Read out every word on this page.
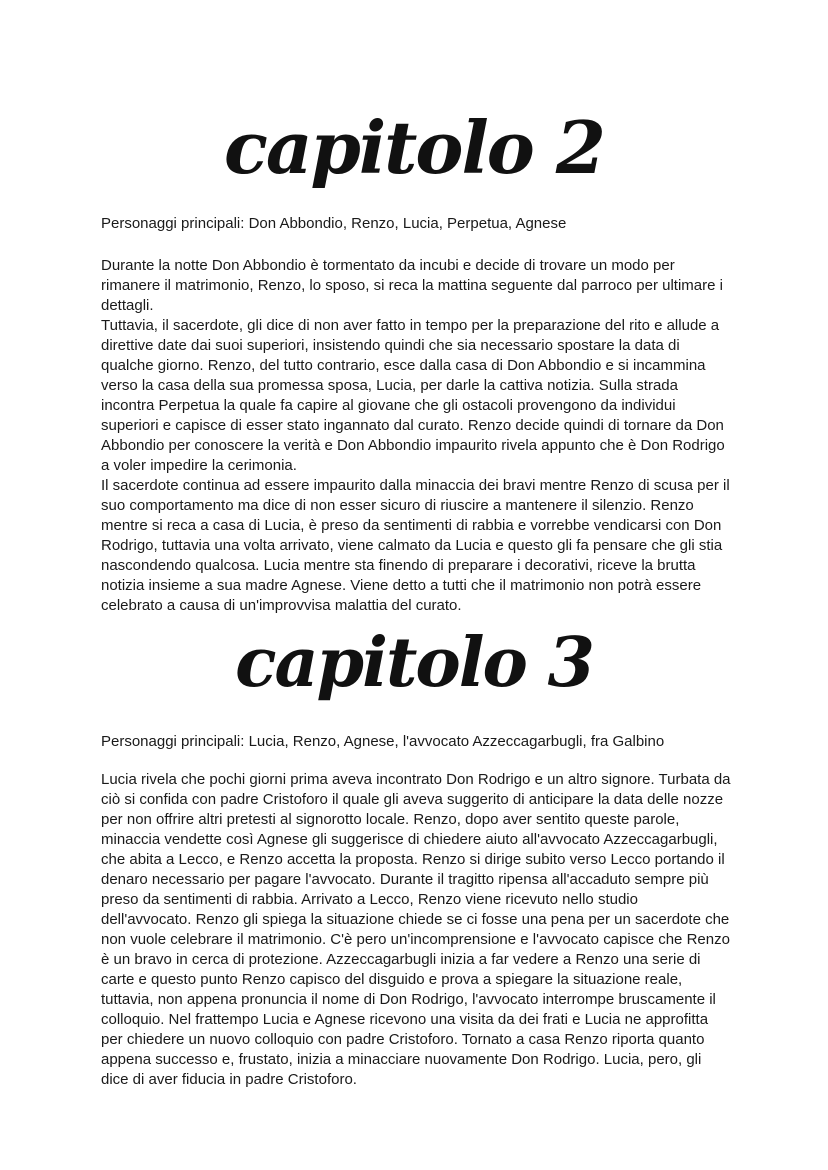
capitolo 2

Personaggi principali: Don Abbondio, Renzo, Lucia, Perpetua, Agnese

Durante la notte Don Abbondio è tormentato da incubi e decide di trovare un modo per rimanere il matrimonio, Renzo, lo sposo, si reca la mattina seguente dal parroco per ultimare i dettagli.

Tuttavia, il sacerdote, gli dice di non aver fatto in tempo per la preparazione del rito e allude a direttive date dai suoi superiori, insistendo quindi che sia necessario spostare la data di qualche giorno. Renzo, del tutto contrario, esce dalla casa di Don Abbondio e si incammina verso la casa della sua promessa sposa, Lucia, per darle la cattiva notizia. Sulla strada incontra Perpetua la quale fa capire al giovane che gli ostacoli provengono da individui superiori e capisce di esser stato ingannato dal curato. Renzo decide quindi di tornare da Don Abbondio per conoscere la verità e Don Abbondio impaurito rivela appunto che è Don Rodrigo a voler impedire la cerimonia.

Il sacerdote continua ad essere impaurito dalla minaccia dei bravi mentre Renzo di scusa per il suo comportamento ma dice di non esser sicuro di riuscire a mantenere il silenzio. Renzo mentre si reca a casa di Lucia, è preso da sentimenti di rabbia e vorrebbe vendicarsi con Don Rodrigo, tuttavia una volta arrivato, viene calmato da Lucia e questo gli fa pensare che gli stia nascondendo qualcosa. Lucia mentre sta finendo di preparare i decorativi, riceve la brutta notizia insieme a sua madre Agnese. Viene detto a tutti che il matrimonio non potrà essere celebrato a causa di un'improvvisa malattia del curato.

capitolo 3

Personaggi principali: Lucia, Renzo, Agnese, l'avvocato Azzeccagarbugli, fra Galbino

Lucia rivela che pochi giorni prima aveva incontrato Don Rodrigo e un altro signore. Turbata da ciò si confida con padre Cristoforo il quale gli aveva suggerito di anticipare la data delle nozze per non offrire altri pretesti al signorotto locale. Renzo, dopo aver sentito queste parole, minaccia vendette così Agnese gli suggerisce di chiedere aiuto all'avvocato Azzeccagarbugli, che abita a Lecco, e Renzo accetta la proposta. Renzo si dirige subito verso Lecco portando il denaro necessario per pagare l'avvocato. Durante il tragitto ripensa all'accaduto sempre più preso da sentimenti di rabbia. Arrivato a Lecco, Renzo viene ricevuto nello studio dell'avvocato. Renzo gli spiega la situazione chiede se ci fosse una pena per un sacerdote che non vuole celebrare il matrimonio. C'è pero un'incomprensione e l'avvocato capisce che Renzo è un bravo in cerca di protezione. Azzeccagarbugli inizia a far vedere a Renzo una serie di carte e questo punto Renzo capisco del disguido e prova a spiegare la situazione reale, tuttavia, non appena pronuncia il nome di Don Rodrigo, l'avvocato interrompe bruscamente il colloquio. Nel frattempo Lucia e Agnese ricevono una visita da dei frati e Lucia ne approfitta per chiedere un nuovo colloquio con padre Cristoforo. Tornato a casa Renzo riporta quanto appena successo e, frustato, inizia a minacciare nuovamente Don Rodrigo. Lucia, pero, gli dice di aver fiducia in padre Cristoforo.
